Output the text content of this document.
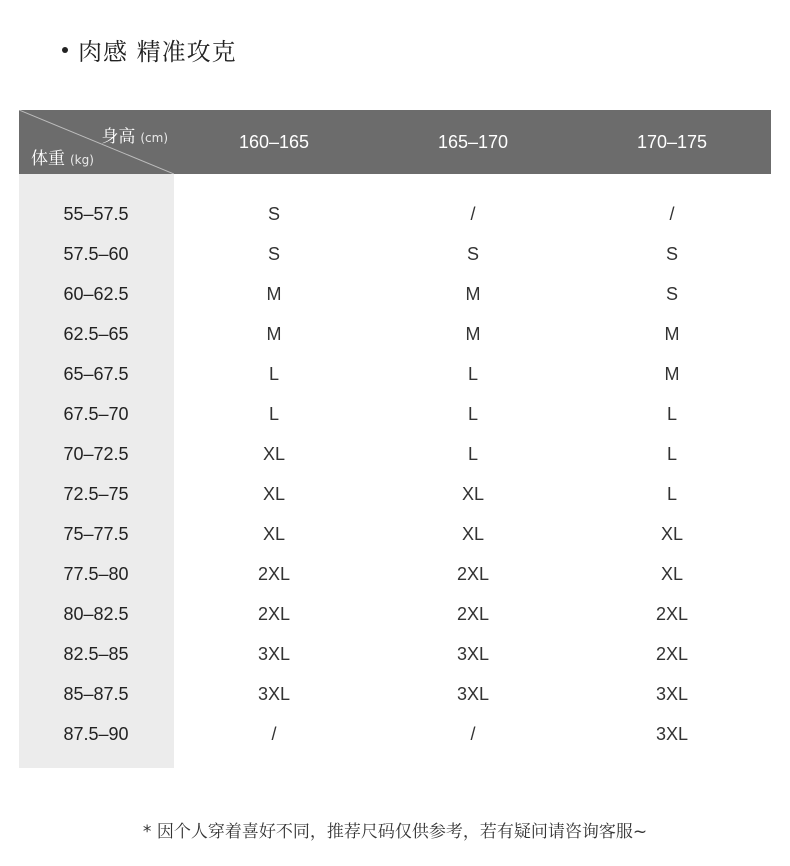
肉感 精准攻克
身高 (cm)
体重 (kg)
160–165	165–170	170–175
55–57.5	S	/	/
57.5–60	S	S	S
60–62.5	M	M	S
62.5–65	M	M	M
65–67.5	L	L	M
67.5–70	L	L	L
70–72.5	XL	L	L
72.5–75	XL	XL	L
75–77.5	XL	XL	XL
77.5–80	2XL	2XL	XL
80–82.5	2XL	2XL	2XL
82.5–85	3XL	3XL	2XL
85–87.5	3XL	3XL	3XL
87.5–90	/	/	3XL
* 因个人穿着喜好不同，推荐尺码仅供参考，若有疑问请咨询客服~
